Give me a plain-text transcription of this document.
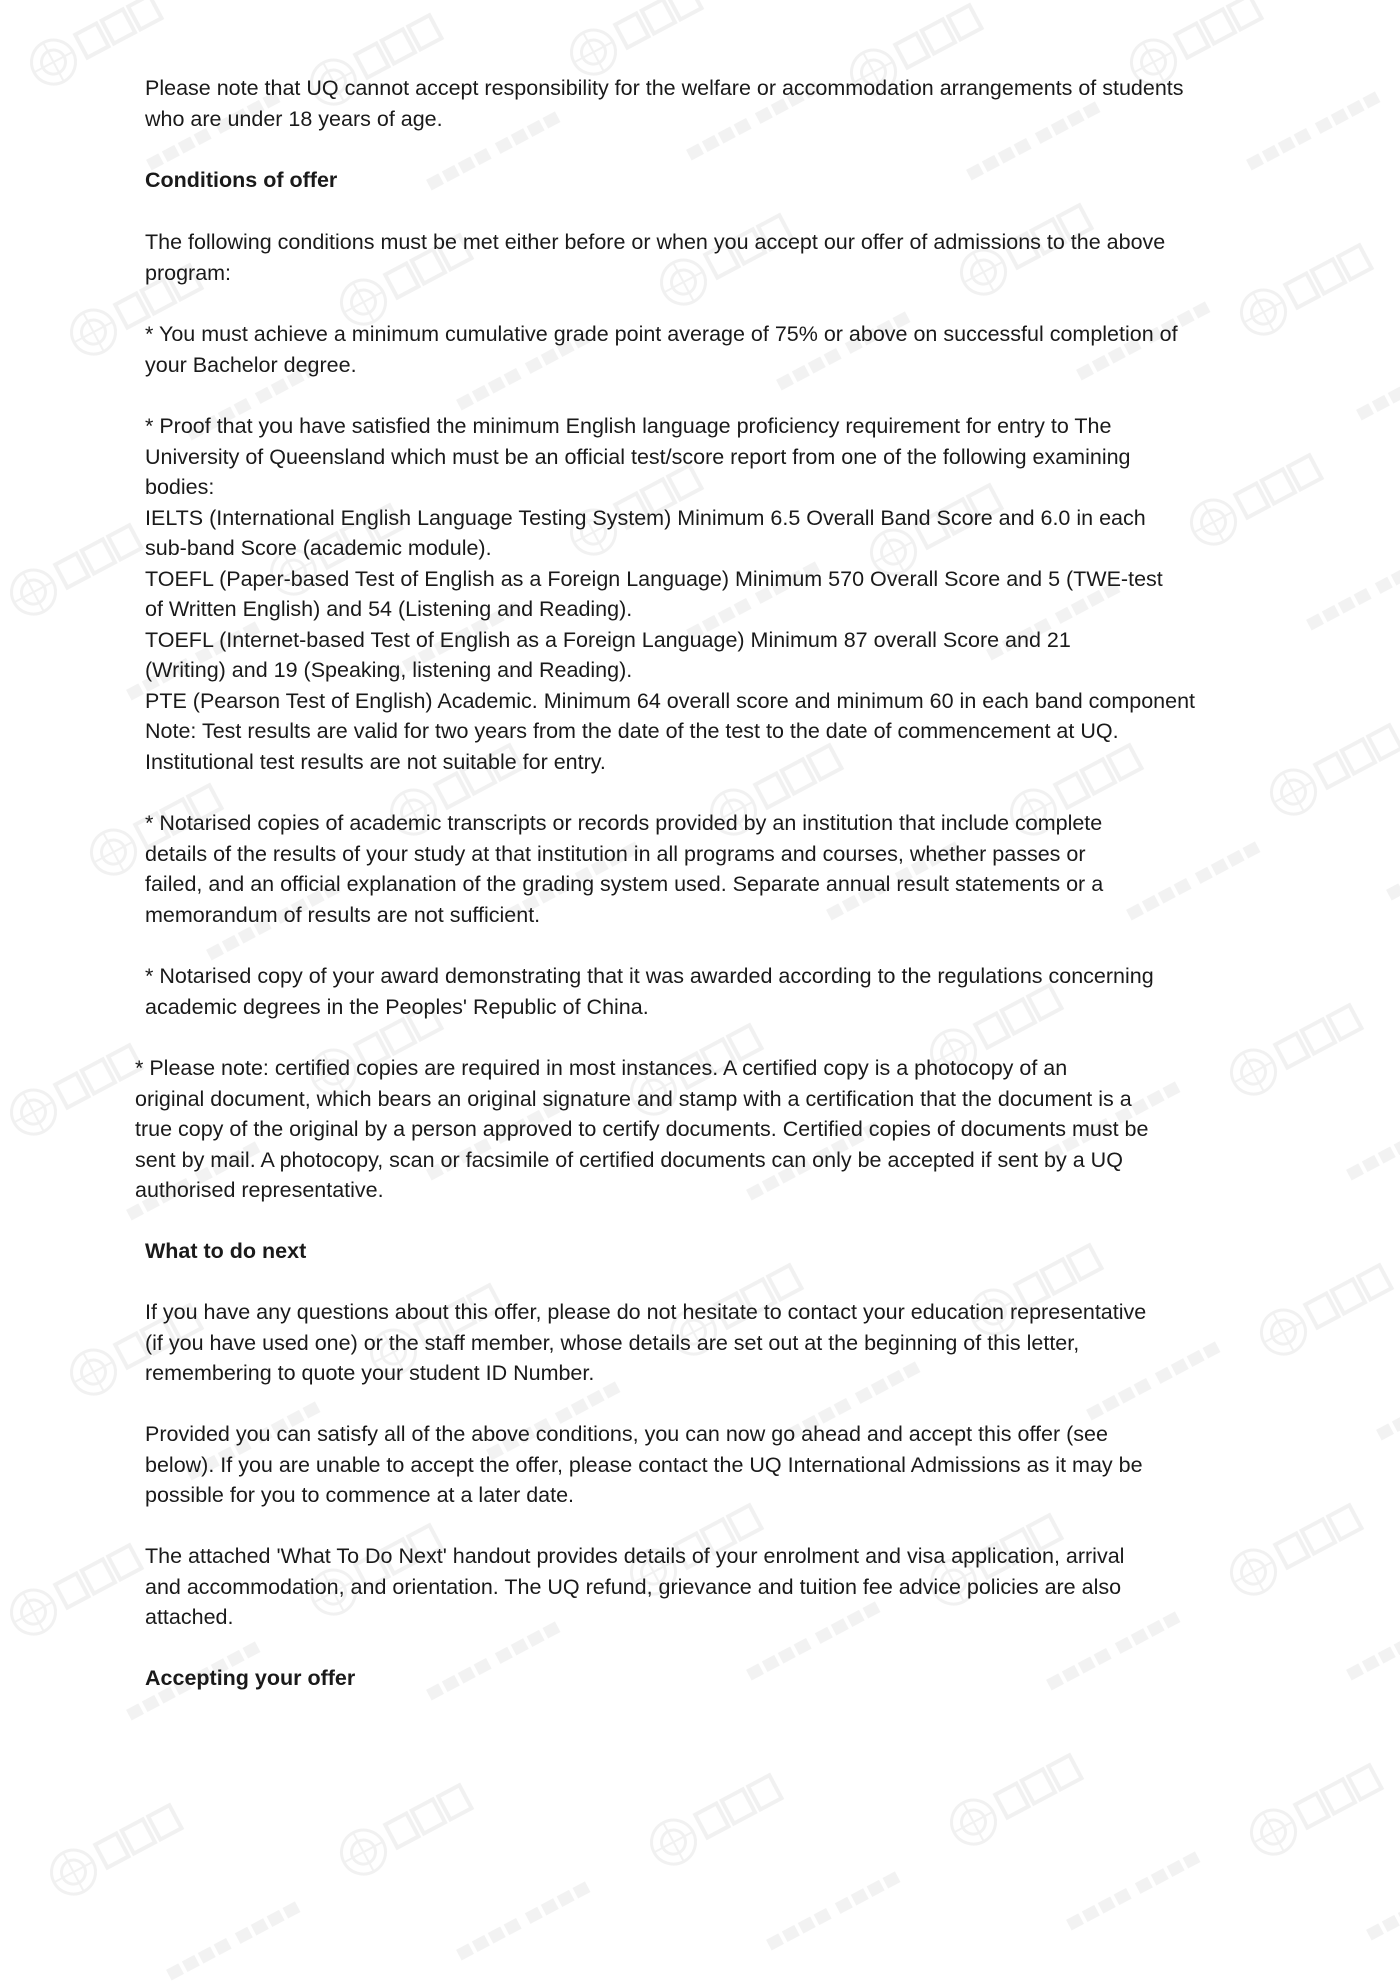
Please note that UQ cannot accept responsibility for the welfare or accommodation arrangements of students
who are under 18 years of age.

Conditions of offer

The following conditions must be met either before or when you accept our offer of admissions to the above
program:

* You must achieve a minimum cumulative grade point average of 75% or above on successful completion of
your Bachelor degree.

* Proof that you have satisfied the minimum English language proficiency requirement for entry to The
University of Queensland which must be an official test/score report from one of the following examining
bodies:
IELTS (International English Language Testing System) Minimum 6.5 Overall Band Score and 6.0 in each
sub-band Score (academic module).
TOEFL (Paper-based Test of English as a Foreign Language) Minimum 570 Overall Score and 5 (TWE-test
of Written English) and 54 (Listening and Reading).
TOEFL (Internet-based Test of English as a Foreign Language) Minimum 87 overall Score and 21
(Writing) and 19 (Speaking, listening and Reading).
PTE (Pearson Test of English) Academic. Minimum 64 overall score and minimum 60 in each band component
Note: Test results are valid for two years from the date of the test to the date of commencement at UQ.
Institutional test results are not suitable for entry.

* Notarised copies of academic transcripts or records provided by an institution that include complete
details of the results of your study at that institution in all programs and courses, whether passes or
failed, and an official explanation of the grading system used. Separate annual result statements or a
memorandum of results are not sufficient.

* Notarised copy of your award demonstrating that it was awarded according to the regulations concerning
academic degrees in the Peoples' Republic of China.

* Please note: certified copies are required in most instances. A certified copy is a photocopy of an
original document, which bears an original signature and stamp with a certification that the document is a
true copy of the original by a person approved to certify documents. Certified copies of documents must be
sent by mail. A photocopy, scan or facsimile of certified documents can only be accepted if sent by a UQ
authorised representative.

What to do next

If you have any questions about this offer, please do not hesitate to contact your education representative
(if you have used one) or the staff member, whose details are set out at the beginning of this letter,
remembering to quote your student ID Number.

Provided you can satisfy all of the above conditions, you can now go ahead and accept this offer (see
below). If you are unable to accept the offer, please contact the UQ International Admissions as it may be
possible for you to commence at a later date.

The attached 'What To Do Next' handout provides details of your enrolment and visa application, arrival
and accommodation, and orientation. The UQ refund, grievance and tuition fee advice policies are also
attached.

Accepting your offer
